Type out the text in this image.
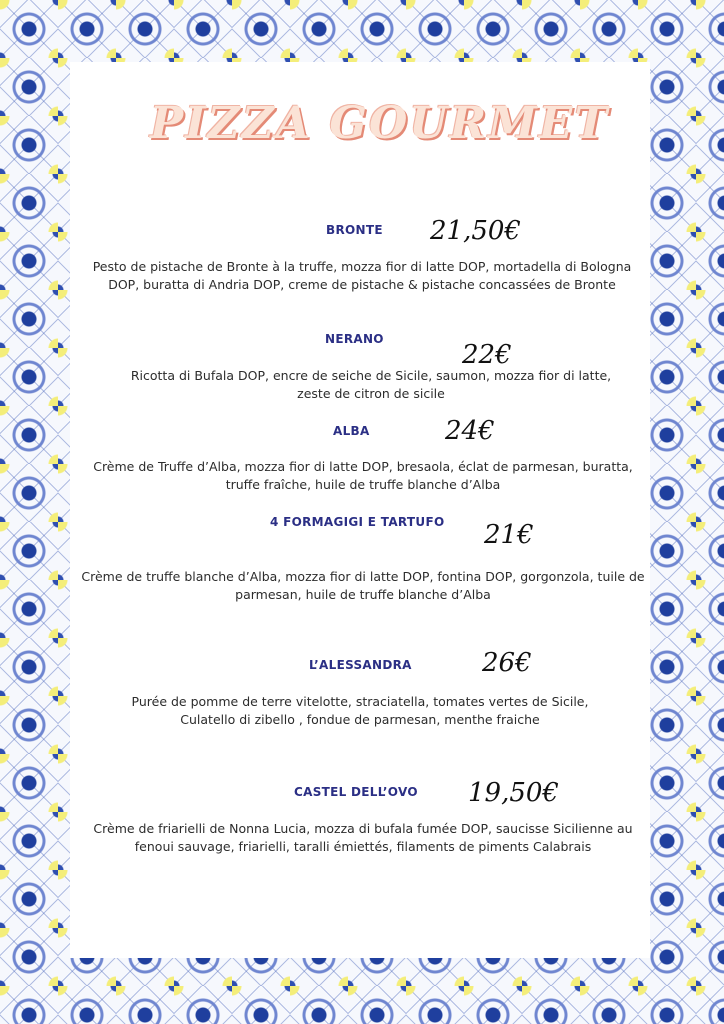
PIZZA GOURMET
BRONTE 21,50€
Pesto de pistache de Bronte à la truffe, mozza fior di latte DOP, mortadella di Bologna DOP, buratta di Andria DOP, creme de pistache & pistache concassées de Bronte
NERANO
22€
Ricotta di Bufala DOP, encre de seiche de Sicile, saumon, mozza fior di latte, zeste de citron de sicile
ALBA	24€
Crème de Truffe d’Alba, mozza fior di latte DOP, bresaola, éclat de parmesan, buratta, truffe fraîche, huile de truffe blanche d’Alba
4 FORMAGIGI E TARTUFO 21€
Crème de truffe blanche d’Alba, mozza fior di latte DOP, fontina DOP, gorgonzola, tuile de parmesan, huile de truffe blanche d’Alba
L’ALESSANDRA	26€
Purée de pomme de terre vitelotte, straciatella, tomates vertes de Sicile, Culatello di zibello , fondue de parmesan, menthe fraiche
CASTEL DELL’OVO 19,50€
Crème de friarielli de Nonna Lucia, mozza di bufala fumée DOP, saucisse Sicilienne au fenoui sauvage, friarielli, taralli émiettés, filaments de piments Calabrais
